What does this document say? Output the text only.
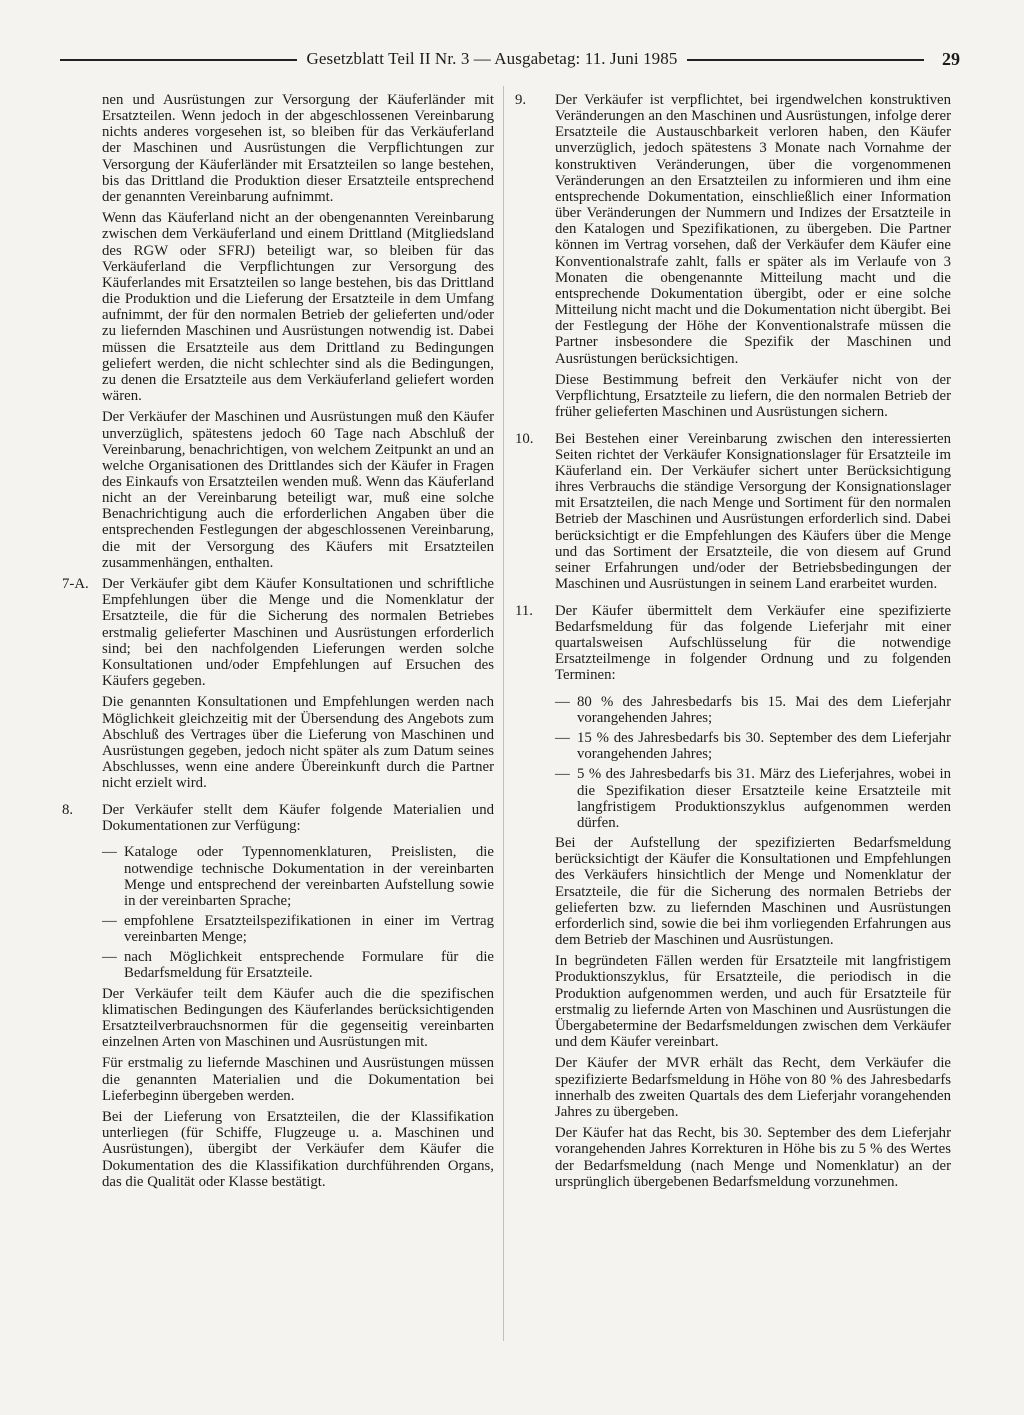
Gesetzblatt Teil II Nr. 3 — Ausgabetag: 11. Juni 1985	29

nen und Ausrüstungen zur Versorgung der Käuferländer mit Ersatzteilen. Wenn jedoch in der abgeschlossenen Vereinbarung nichts anderes vorgesehen ist, so bleiben für das Verkäuferland der Maschinen und Ausrüstungen die Verpflichtungen zur Versorgung der Käuferländer mit Ersatzteilen so lange bestehen, bis das Drittland die Produktion dieser Ersatzteile entsprechend der genannten Vereinbarung aufnimmt.

Wenn das Käuferland nicht an der obengenannten Vereinbarung zwischen dem Verkäuferland und einem Drittland (Mitgliedsland des RGW oder SFRJ) beteiligt war, so bleiben für das Verkäuferland die Verpflichtungen zur Versorgung des Käuferlandes mit Ersatzteilen so lange bestehen, bis das Drittland die Produktion und die Lieferung der Ersatzteile in dem Umfang aufnimmt, der für den normalen Betrieb der gelieferten und/oder zu liefernden Maschinen und Ausrüstungen notwendig ist. Dabei müssen die Ersatzteile aus dem Drittland zu Bedingungen geliefert werden, die nicht schlechter sind als die Bedingungen, zu denen die Ersatzteile aus dem Verkäuferland geliefert worden wären.

Der Verkäufer der Maschinen und Ausrüstungen muß den Käufer unverzüglich, spätestens jedoch 60 Tage nach Abschluß der Vereinbarung, benachrichtigen, von welchem Zeitpunkt an und an welche Organisationen des Drittlandes sich der Käufer in Fragen des Einkaufs von Ersatzteilen wenden muß. Wenn das Käuferland nicht an der Vereinbarung beteiligt war, muß eine solche Benachrichtigung auch die erforderlichen Angaben über die entsprechenden Festlegungen der abgeschlossenen Vereinbarung, die mit der Versorgung des Käufers mit Ersatzteilen zusammenhängen, enthalten.

7-A. Der Verkäufer gibt dem Käufer Konsultationen und schriftliche Empfehlungen über die Menge und die Nomenklatur der Ersatzteile, die für die Sicherung des normalen Betriebes erstmalig gelieferter Maschinen und Ausrüstungen erforderlich sind; bei den nachfolgenden Lieferungen werden solche Konsultationen und/oder Empfehlungen auf Ersuchen des Käufers gegeben.

Die genannten Konsultationen und Empfehlungen werden nach Möglichkeit gleichzeitig mit der Übersendung des Angebots zum Abschluß des Vertrages über die Lieferung von Maschinen und Ausrüstungen gegeben, jedoch nicht später als zum Datum seines Abschlusses, wenn eine andere Übereinkunft durch die Partner nicht erzielt wird.

8.	Der Verkäufer stellt dem Käufer folgende Materialien und Dokumentationen zur Verfügung:

— Kataloge oder Typennomenklaturen, Preislisten, die notwendige technische Dokumentation in der vereinbarten Menge und entsprechend der vereinbarten Aufstellung sowie in der vereinbarten Sprache;

— empfohlene Ersatzteilspezifikationen in einer im Vertrag vereinbarten Menge;

— nach Möglichkeit entsprechende Formulare für die Bedarfsmeldung für Ersatzteile.

Der Verkäufer teilt dem Käufer auch die die spezifischen klimatischen Bedingungen des Käuferlandes berücksichtigenden Ersatzteilverbrauchsnormen für die gegenseitig vereinbarten einzelnen Arten von Maschinen und Ausrüstungen mit.

Für erstmalig zu liefernde Maschinen und Ausrüstungen müssen die genannten Materialien und die Dokumentation bei Lieferbeginn übergeben werden.

Bei der Lieferung von Ersatzteilen, die der Klassifikation unterliegen (für Schiffe, Flugzeuge u. a. Maschinen und Ausrüstungen), übergibt der Verkäufer dem Käufer die Dokumentation des die Klassifikation durchführenden Organs, das die Qualität oder Klasse bestätigt.

9.	Der Verkäufer ist verpflichtet, bei irgendwelchen konstruktiven Veränderungen an den Maschinen und Ausrüstungen, infolge derer Ersatzteile die Austauschbarkeit verloren haben, den Käufer unverzüglich, jedoch spätestens 3 Monate nach Vornahme der konstruktiven Veränderungen, über die vorgenommenen Veränderungen an den Ersatzteilen zu informieren und ihm eine entsprechende Dokumentation, einschließlich einer Information über Veränderungen der Nummern und Indizes der Ersatzteile in den Katalogen und Spezifikationen, zu übergeben. Die Partner können im Vertrag vorsehen, daß der Verkäufer dem Käufer eine Konventionalstrafe zahlt, falls er später als im Verlaufe von 3 Monaten die obengenannte Mitteilung macht und die entsprechende Dokumentation übergibt, oder er eine solche Mitteilung nicht macht und die Dokumentation nicht übergibt. Bei der Festlegung der Höhe der Konventionalstrafe müssen die Partner insbesondere die Spezifik der Maschinen und Ausrüstungen berücksichtigen.

Diese Bestimmung befreit den Verkäufer nicht von der Verpflichtung, Ersatzteile zu liefern, die den normalen Betrieb der früher gelieferten Maschinen und Ausrüstungen sichern.

10.	Bei Bestehen einer Vereinbarung zwischen den interessierten Seiten richtet der Verkäufer Konsignationslager für Ersatzteile im Käuferland ein. Der Verkäufer sichert unter Berücksichtigung ihres Verbrauchs die ständige Versorgung der Konsignationslager mit Ersatzteilen, die nach Menge und Sortiment für den normalen Betrieb der Maschinen und Ausrüstungen erforderlich sind. Dabei berücksichtigt er die Empfehlungen des Käufers über die Menge und das Sortiment der Ersatzteile, die von diesem auf Grund seiner Erfahrungen und/oder der Betriebsbedingungen der Maschinen und Ausrüstungen in seinem Land erarbeitet wurden.

11.	Der Käufer übermittelt dem Verkäufer eine spezifizierte Bedarfsmeldung für das folgende Lieferjahr mit einer quartalsweisen Aufschlüsselung für die notwendige Ersatzteilmenge in folgender Ordnung und zu folgenden Terminen:

— 80 % des Jahresbedarfs bis 15. Mai des dem Lieferjahr vorangehenden Jahres;

— 15 % des Jahresbedarfs bis 30. September des dem Lieferjahr vorangehenden Jahres;

— 5 % des Jahresbedarfs bis 31. März des Lieferjahres, wobei in die Spezifikation dieser Ersatzteile keine Ersatzteile mit langfristigem Produktionszyklus aufgenommen werden dürfen.

Bei der Aufstellung der spezifizierten Bedarfsmeldung berücksichtigt der Käufer die Konsultationen und Empfehlungen des Verkäufers hinsichtlich der Menge und Nomenklatur der Ersatzteile, die für die Sicherung des normalen Betriebs der gelieferten bzw. zu liefernden Maschinen und Ausrüstungen erforderlich sind, sowie die bei ihm vorliegenden Erfahrungen aus dem Betrieb der Maschinen und Ausrüstungen.

In begründeten Fällen werden für Ersatzteile mit langfristigem Produktionszyklus, für Ersatzteile, die periodisch in die Produktion aufgenommen werden, und auch für Ersatzteile für erstmalig zu liefernde Arten von Maschinen und Ausrüstungen die Übergabetermine der Bedarfsmeldungen zwischen dem Verkäufer und dem Käufer vereinbart.

Der Käufer der MVR erhält das Recht, dem Verkäufer die spezifizierte Bedarfsmeldung in Höhe von 80 % des Jahresbedarfs innerhalb des zweiten Quartals des dem Lieferjahr vorangehenden Jahres zu übergeben.

Der Käufer hat das Recht, bis 30. September des dem Lieferjahr vorangehenden Jahres Korrekturen in Höhe bis zu 5 % des Wertes der Bedarfsmeldung (nach Menge und Nomenklatur) an der ursprünglich übergebenen Bedarfsmeldung vorzunehmen.
